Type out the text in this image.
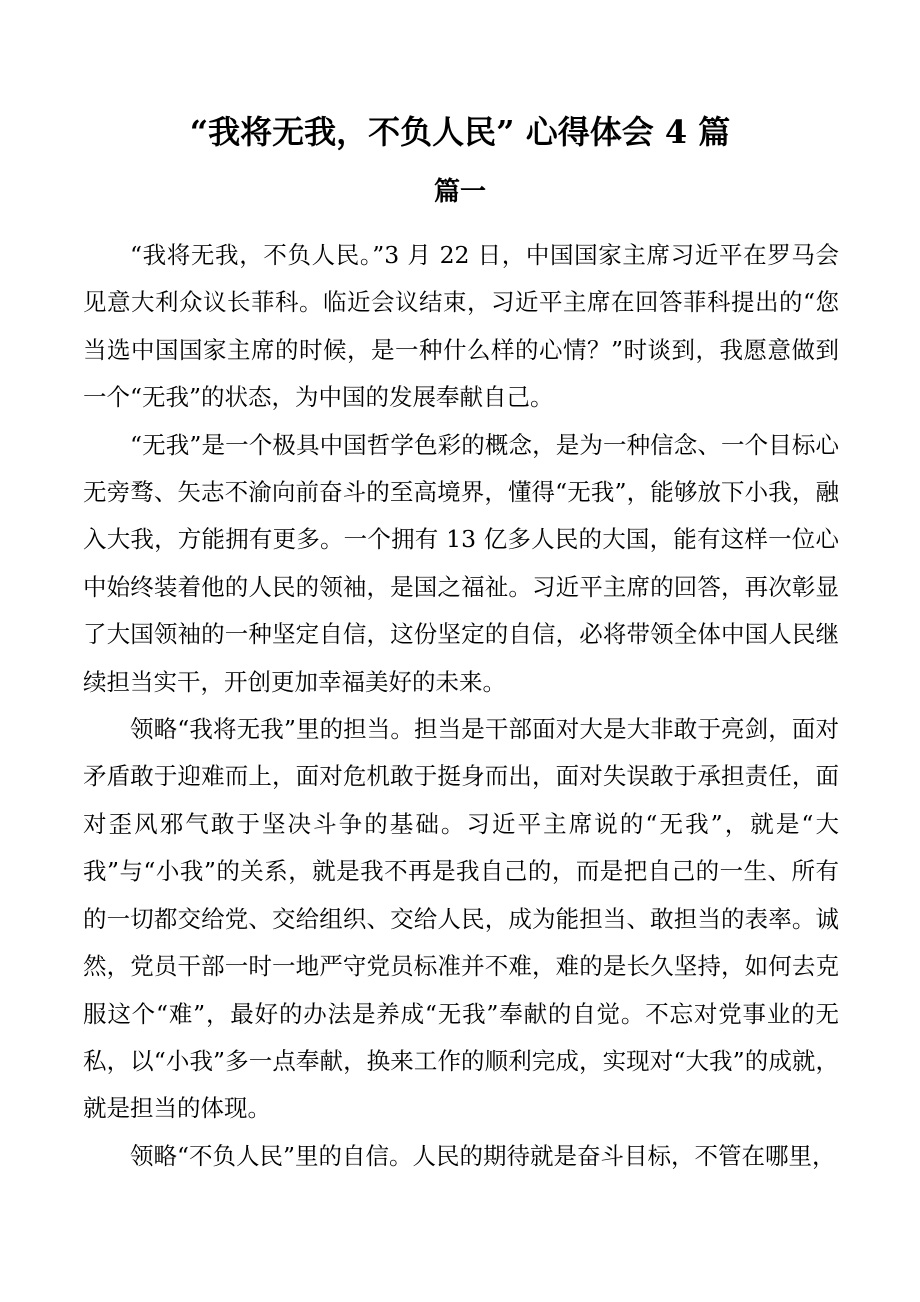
“我将无我，不负人民” 心得体会 4 篇
篇一

“我将无我，不负人民。”3 月 22 日，中国国家主席习近平在罗马会见意大利众议长菲科。临近会议结束，习近平主席在回答菲科提出的“您当选中国国家主席的时候，是一种什么样的心情？”时谈到，我愿意做到一个“无我”的状态，为中国的发展奉献自己。

“无我”是一个极具中国哲学色彩的概念，是为一种信念、一个目标心无旁骛、矢志不渝向前奋斗的至高境界，懂得“无我”，能够放下小我，融入大我，方能拥有更多。一个拥有 13 亿多人民的大国，能有这样一位心中始终装着他的人民的领袖，是国之福祉。习近平主席的回答，再次彰显了大国领袖的一种坚定自信，这份坚定的自信，必将带领全体中国人民继续担当实干，开创更加幸福美好的未来。

领略“我将无我”里的担当。担当是干部面对大是大非敢于亮剑，面对矛盾敢于迎难而上，面对危机敢于挺身而出，面对失误敢于承担责任，面对歪风邪气敢于坚决斗争的基础。习近平主席说的“无我”，就是“大我”与“小我”的关系，就是我不再是我自己的，而是把自己的一生、所有的一切都交给党、交给组织、交给人民，成为能担当、敢担当的表率。诚然，党员干部一时一地严守党员标准并不难，难的是长久坚持，如何去克服这个“难”，最好的办法是养成“无我”奉献的自觉。不忘对党事业的无私，以“小我”多一点奉献，换来工作的顺利完成，实现对“大我”的成就，就是担当的体现。

领略“不负人民”里的自信。人民的期待就是奋斗目标，不管在哪里，
